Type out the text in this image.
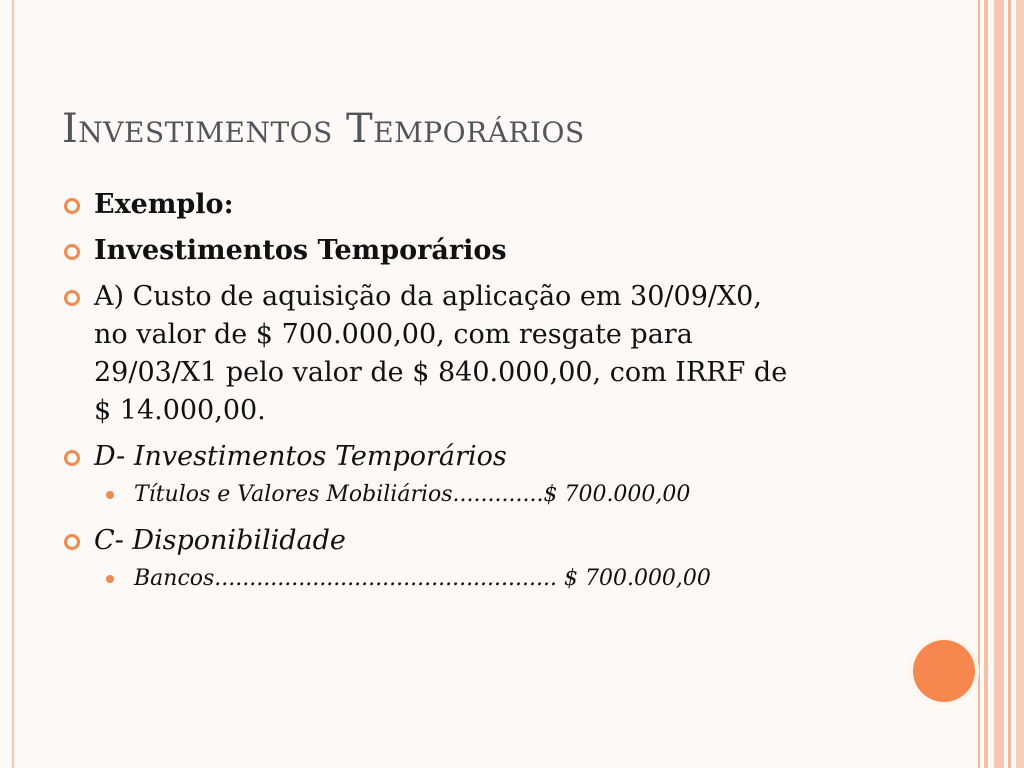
Investimentos Temporários
Exemplo:
Investimentos Temporários
A) Custo de aquisição da aplicação em 30/09/X0,
no valor de $ 700.000,00, com resgate para
29/03/X1 pelo valor de $ 840.000,00, com IRRF de
$ 14.000,00.
D- Investimentos Temporários
Títulos e Valores Mobiliários.............$ 700.000,00
C- Disponibilidade
Bancos................................................. $ 700.000,00
